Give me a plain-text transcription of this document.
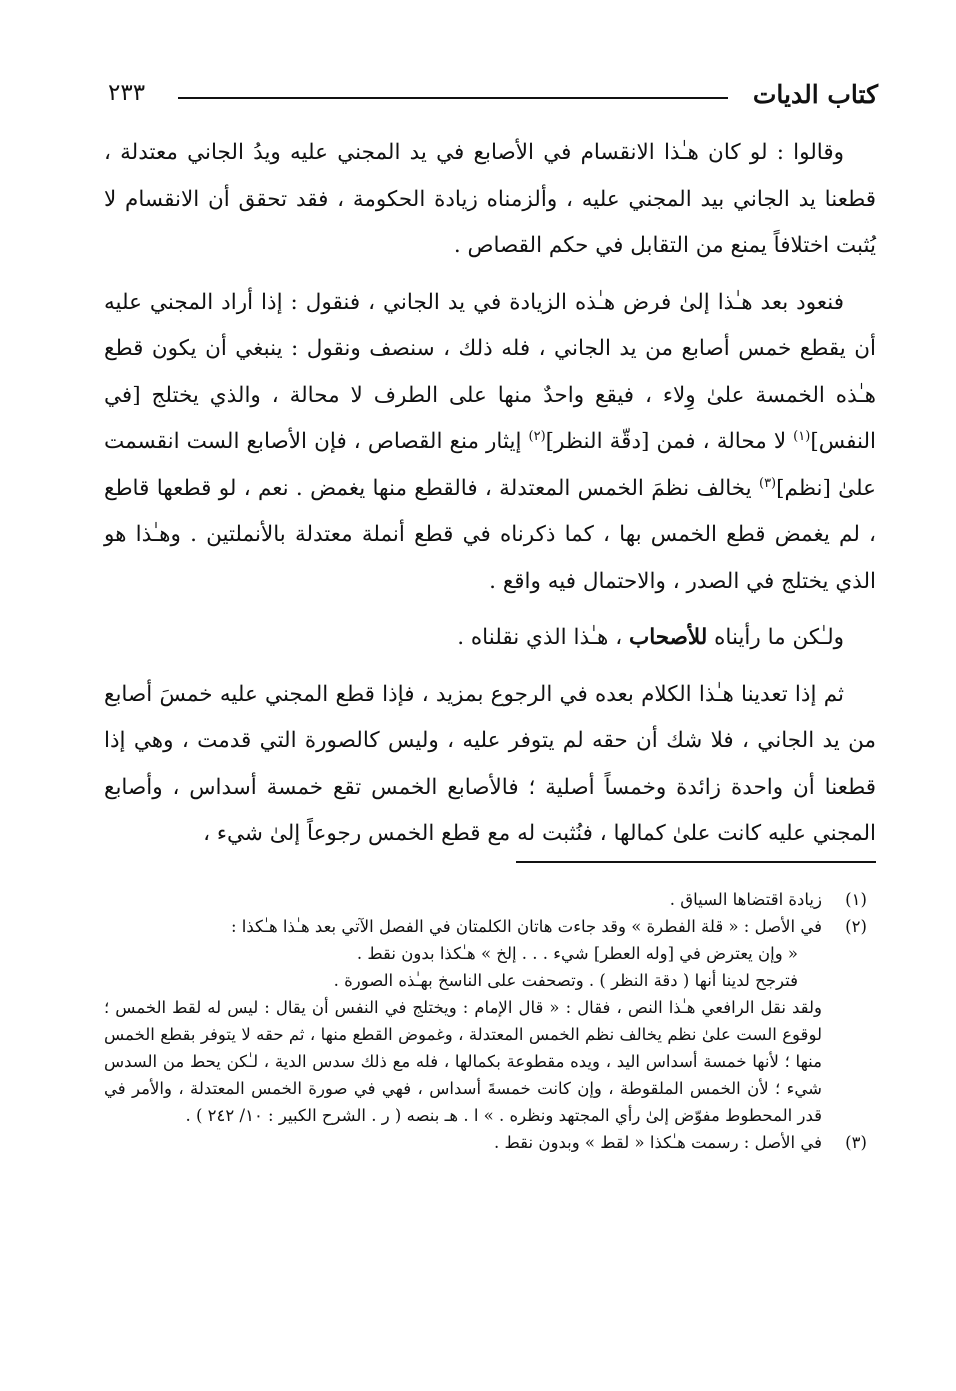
كتاب الديات
٢٣٣

وقالوا : لو كان هـٰذا الانقسام في الأصابع في يد المجني عليه ويدُ الجاني معتدلة ، قطعنا يد الجاني بيد المجني عليه ، وألزمناه زيادة الحكومة ، فقد تحقق أن الانقسام لا يُثبت اختلافاً يمنع من التقابل في حكم القصاص .

فنعود بعد هـٰذا إلىٰ فرض هـٰذه الزيادة في يد الجاني ، فنقول : إذا أراد المجني عليه أن يقطع خمس أصابع من يد الجاني ، فله ذلك ، سنصف ونقول : ينبغي أن يكون قطع هـٰذه الخمسة علىٰ وِلاء ، فيقع واحدٌ منها على الطرف لا محالة ، والذي يختلج [في النفس]$^{(١)}$ لا محالة ، فمن [دقّة النظر]$^{(٢)}$ إيثار منع القصاص ، فإن الأصابع الست انقسمت علىٰ [نظم]$^{(٣)}$ يخالف نظمَ الخمس المعتدلة ، فالقطع منها يغمض . نعم ، لو قطعها قاطع ، لم يغمض قطع الخمس بها ، كما ذكرناه في قطع أنملة معتدلة بالأنملتين . وهـٰذا هو الذي يختلج في الصدر ، والاحتمال فيه واقع .

ولـٰكن ما رأيناه للأصحاب ، هـٰذا الذي نقلناه .

ثم إذا تعدينا هـٰذا الكلام بعده في الرجوع بمزيد ، فإذا قطع المجني عليه خمسَ أصابع من يد الجاني ، فلا شك أن حقه لم يتوفر عليه ، وليس كالصورة التي قدمت ، وهي إذا قطعنا أن واحدة زائدة وخمساً أصلية ؛ فالأصابع الخمس تقع خمسة أسداس ، وأصابع المجني عليه كانت علىٰ كمالها ، فنُثبت له مع قطع الخمس رجوعاً إلىٰ شيء ،

(١)
زيادة اقتضاها السياق .
(٢)
في الأصل : « قلة الفطرة » وقد جاءت هاتان الكلمتان في الفصل الآتي بعد هـٰذا هـٰكذا :
« وإن يعترض في [وله العطر] شيء . . . إلخ » هـٰكذا بدون نقط .
فترجح لدينا أنها ( دقة النظر ) . وتصحفت على الناسخ بهـٰذه الصورة .
ولقد نقل الرافعي هـٰذا النص ، فقال : « قال الإمام : ويختلج في النفس أن يقال : ليس له لقط الخمس ؛ لوقوع الست علىٰ نظم يخالف نظم الخمس المعتدلة ، وغموض القطع منها ، ثم حقه لا يتوفر بقطع الخمس منها ؛ لأنها خمسة أسداس اليد ، ويده مقطوعة بكمالها ، فله مع ذلك سدس الدية ، لـٰكن يحط من السدس شيء ؛ لأن الخمس الملقوطة ، وإن كانت خمسةَ أسداس ، فهي في صورة الخمس المعتدلة ، والأمر في قدر المحطوط مفوّض إلىٰ رأي المجتهد ونظره . » ا . هـ بنصه ( ر . الشرح الكبير : ١٠/ ٢٤٢ ) .
(٣)
في الأصل : رسمت هـٰكذا « لقط » وبدون نقط .
